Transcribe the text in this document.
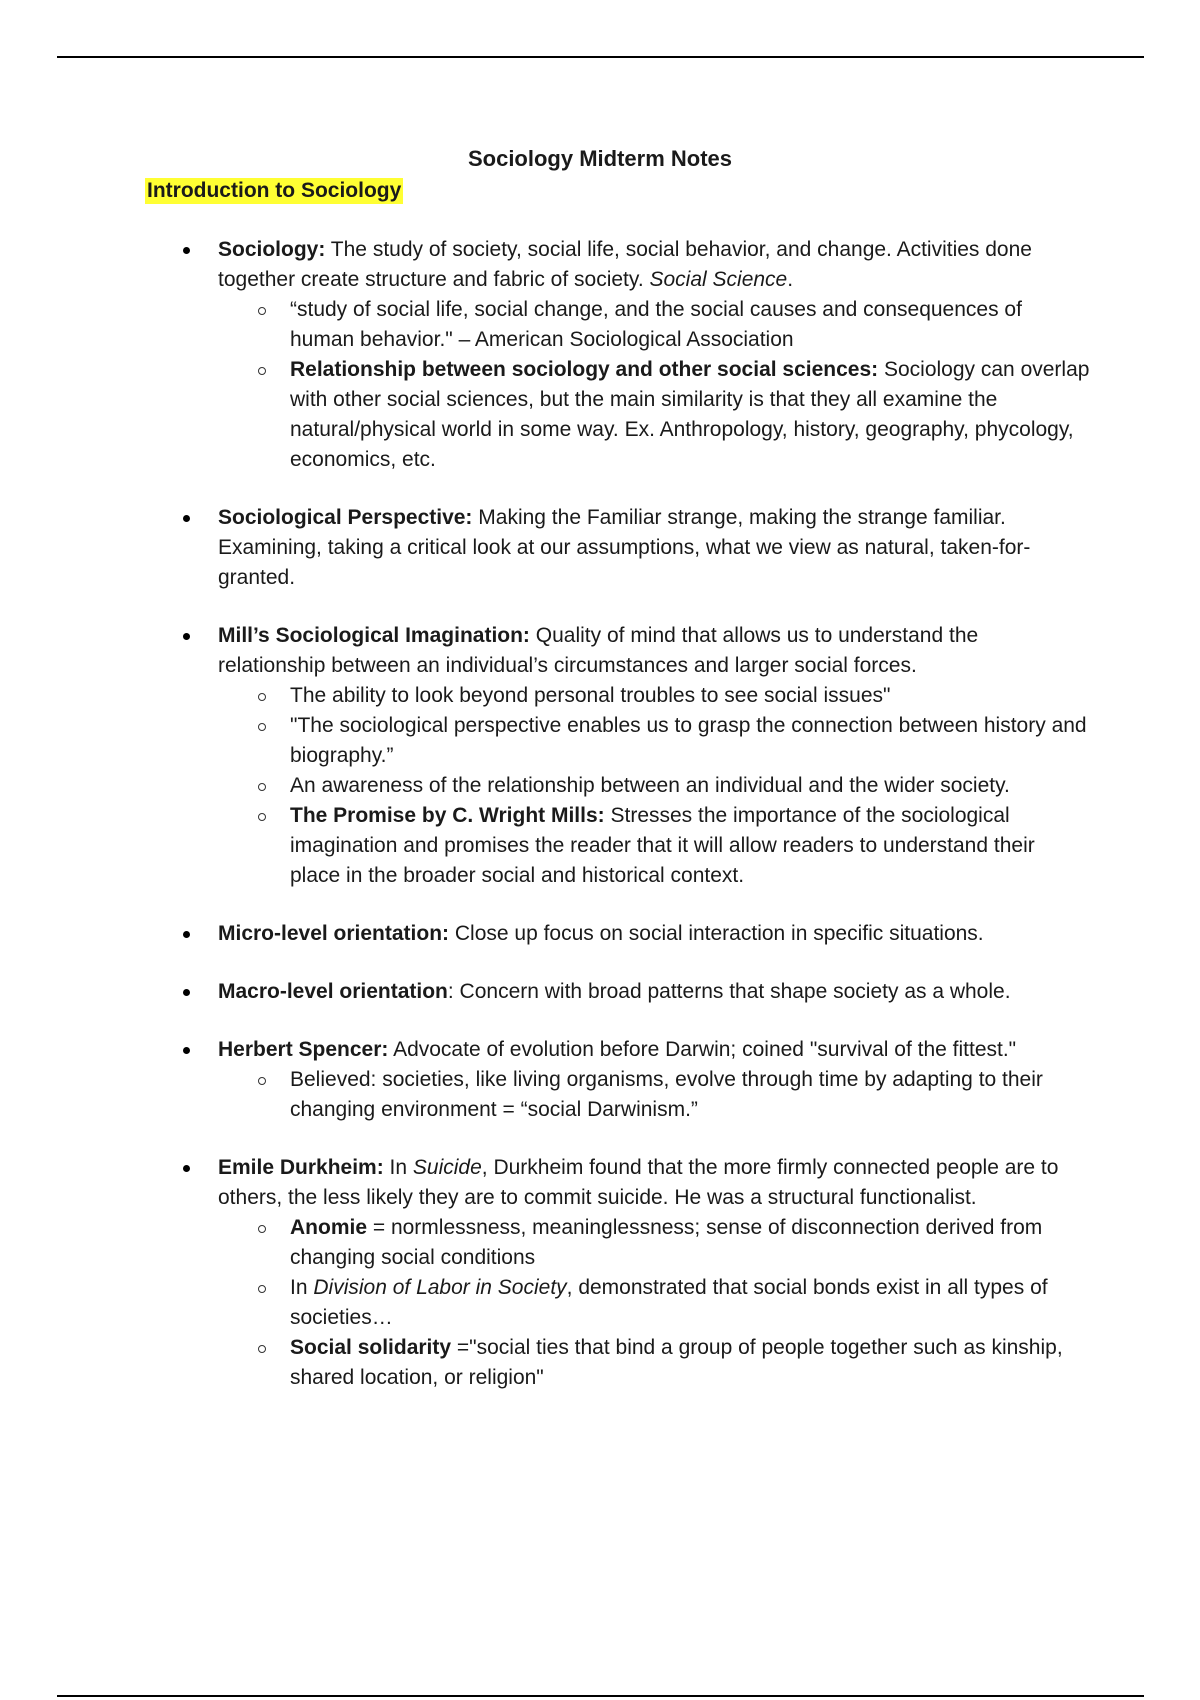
Sociology Midterm Notes
Introduction to Sociology
Sociology: The study of society, social life, social behavior, and change. Activities done together create structure and fabric of society. Social Science.
“study of social life, social change, and the social causes and consequences of human behavior." – American Sociological Association
Relationship between sociology and other social sciences: Sociology can overlap with other social sciences, but the main similarity is that they all examine the natural/physical world in some way. Ex. Anthropology, history, geography, phycology, economics, etc.
Sociological Perspective: Making the Familiar strange, making the strange familiar. Examining, taking a critical look at our assumptions, what we view as natural, taken-for-granted.
Mill’s Sociological Imagination: Quality of mind that allows us to understand the relationship between an individual’s circumstances and larger social forces.
The ability to look beyond personal troubles to see social issues"
"The sociological perspective enables us to grasp the connection between history and biography.”
An awareness of the relationship between an individual and the wider society.
The Promise by C. Wright Mills: Stresses the importance of the sociological imagination and promises the reader that it will allow readers to understand their place in the broader social and historical context.
Micro-level orientation: Close up focus on social interaction in specific situations.
Macro-level orientation: Concern with broad patterns that shape society as a whole.
Herbert Spencer: Advocate of evolution before Darwin; coined "survival of the fittest."
Believed: societies, like living organisms, evolve through time by adapting to their changing environment = “social Darwinism.”
Emile Durkheim: In Suicide, Durkheim found that the more firmly connected people are to others, the less likely they are to commit suicide. He was a structural functionalist.
Anomie = normlessness, meaninglessness; sense of disconnection derived from changing social conditions
In Division of Labor in Society, demonstrated that social bonds exist in all types of societies…
Social solidarity ="social ties that bind a group of people together such as kinship, shared location, or religion"
